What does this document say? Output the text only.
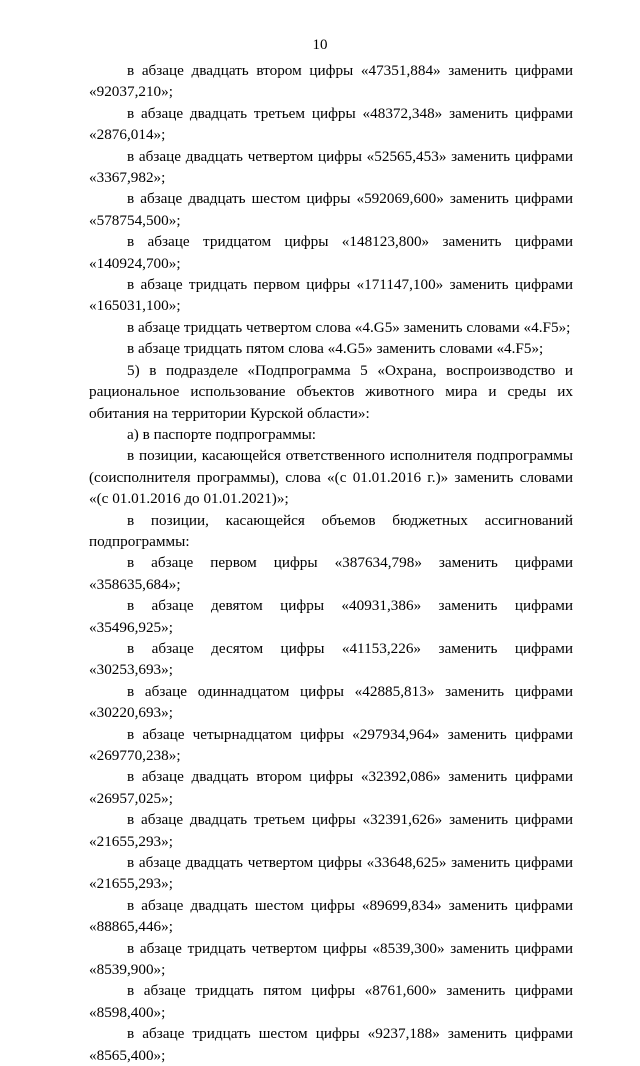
10

в абзаце двадцать втором цифры «47351,884» заменить цифрами «92037,210»;

в абзаце двадцать третьем цифры «48372,348» заменить цифрами «2876,014»;

в абзаце двадцать четвертом цифры «52565,453» заменить цифрами «3367,982»;

в абзаце двадцать шестом цифры «592069,600» заменить цифрами «578754,500»;

в абзаце тридцатом цифры «148123,800» заменить цифрами «140924,700»;

в абзаце тридцать первом цифры «171147,100» заменить цифрами «165031,100»;

в абзаце тридцать четвертом слова «4.G5» заменить словами «4.F5»;

в абзаце тридцать пятом слова «4.G5» заменить словами «4.F5»;

5) в подразделе «Подпрограмма 5 «Охрана, воспроизводство и рациональное использование объектов животного мира и среды их обитания на территории Курской области»:

а) в паспорте подпрограммы:

в позиции, касающейся ответственного исполнителя подпрограммы (соисполнителя программы), слова «(с 01.01.2016 г.)» заменить словами «(с 01.01.2016 до 01.01.2021)»;

в позиции, касающейся объемов бюджетных ассигнований подпрограммы:

в абзаце первом цифры «387634,798» заменить цифрами «358635,684»;

в абзаце девятом цифры «40931,386» заменить цифрами «35496,925»;

в абзаце десятом цифры «41153,226» заменить цифрами «30253,693»;

в абзаце одиннадцатом цифры «42885,813» заменить цифрами «30220,693»;

в абзаце четырнадцатом цифры «297934,964» заменить цифрами «269770,238»;

в абзаце двадцать втором цифры «32392,086» заменить цифрами «26957,025»;

в абзаце двадцать третьем цифры «32391,626» заменить цифрами «21655,293»;

в абзаце двадцать четвертом цифры «33648,625» заменить цифрами «21655,293»;

в абзаце двадцать шестом цифры «89699,834» заменить цифрами «88865,446»;

в абзаце тридцать четвертом цифры «8539,300» заменить цифрами «8539,900»;

в абзаце тридцать пятом цифры «8761,600» заменить цифрами «8598,400»;

в абзаце тридцать шестом цифры «9237,188» заменить цифрами «8565,400»;
